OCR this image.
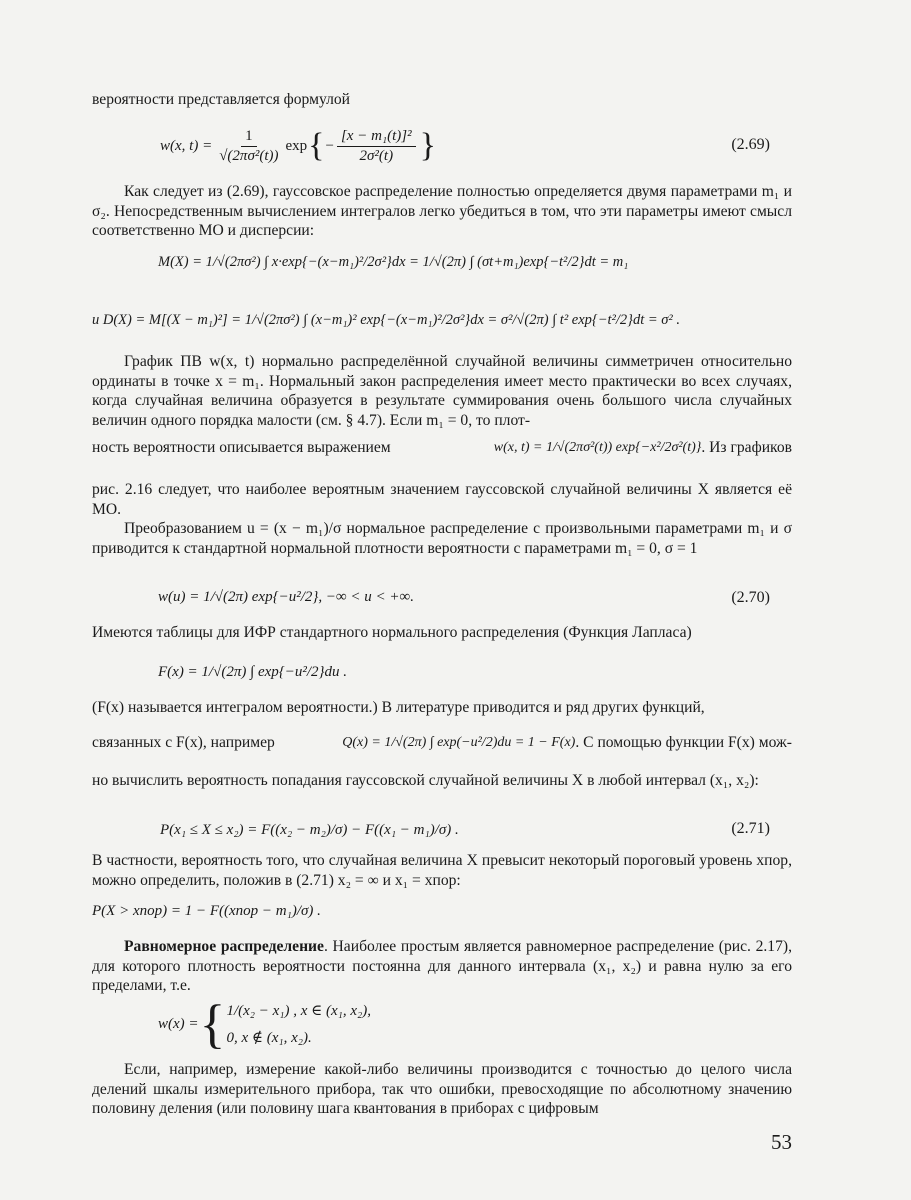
вероятности представляется формулой
w(x, $t) = \frac{1}{\text{√(2πσ²(t))}}$ exp { − $\frac{\text{[x − m₁(t)]²}}{\text{2σ²(t)}}$ }	(2.69)
Как следует из (2.69), гауссовское распределение полностью определяется двумя параметрами m₁ и σ₂. Непосредственным вычислением интегралов легко убедиться в том, что эти параметры имеют смысл соответственно МО и дисперсии:
M(X) = 1/√(2πσ²) ∫ x·exp{−(x−m₁)²/2σ²}dx = 1/√(2π) ∫ (σt+m₁)exp{−t²/2}dt = m₁
и D(X) = M[(X − m₁)²] = 1/√(2πσ²) ∫ (x−m₁)² exp{−(x−m₁)²/2σ²}dx = σ²/√(2π) ∫ t² exp{−t²/2}dt = σ² .
График ПВ w(x, t) нормально распределённой случайной величины симметричен относительно ординаты в точке x = m₁. Нормальный закон распределения имеет место практически во всех случаях, когда случайная величина образуется в результате суммирования очень большого числа случайных величин одного порядка малости (см. § 4.7). Если m₁ = 0, то плот-
ность вероятности описывается выражением	w(x, t) = 1/√(2πσ²(t)) exp{−x²/2σ²(t)} . Из графиков
рис. 2.16 следует, что наиболее вероятным значением гауссовской случайной величины X является её МО.
Преобразованием u = (x − m₁)/σ нормальное распределение с произвольными параметрами m₁ и σ приводится к стандартной нормальной плотности вероятности с параметрами m₁ = 0, σ = 1
w(u) = 1/√(2π) exp{−u²/2}, −∞ < u < +∞.	(2.70)
Имеются таблицы для ИФР стандартного нормального распределения (Функция Лапласа)
F(x) = 1/√(2π) ∫ exp{−u²/2}du .
(F(x) называется интегралом вероятности.) В литературе приводится и ряд других функций,
связанных с F(x), например	Q(x) = 1/√(2π) ∫ exp(−u²/2)du = 1 − F(x) . С помощью функции F(x) мож-
но вычислить вероятность попадания гауссовской случайной величины X в любой интервал (x₁, x₂):
P(x₁ ≤ X ≤ x₂) = F((x₂ − m₂)/σ) − F((x₁ − m₁)/σ) .	(2.71)
В частности, вероятность того, что случайная величина X превысит некоторый пороговый уровень xпор, можно определить, положив в (2.71) x₂ = ∞ и x₁ = xпор:
P(X > xпор) = 1 − F((xпор − m₁)/σ) .
Равномерное распределение. Наиболее простым является равномерное распределение (рис. 2.17), для которого плотность вероятности постоянна для данного интервала (x₁, x₂) и равна нулю за его пределами, т.е.
w(x) = { 1/(x₂ − x₁) , x ∈ (x₁, x₂),
0, x ∉ (x₁, x₂).
Если, например, измерение какой-либо величины производится с точностью до целого числа делений шкалы измерительного прибора, так что ошибки, превосходящие по абсолютному значению половину деления (или половину шага квантования в приборах с цифровым
53
